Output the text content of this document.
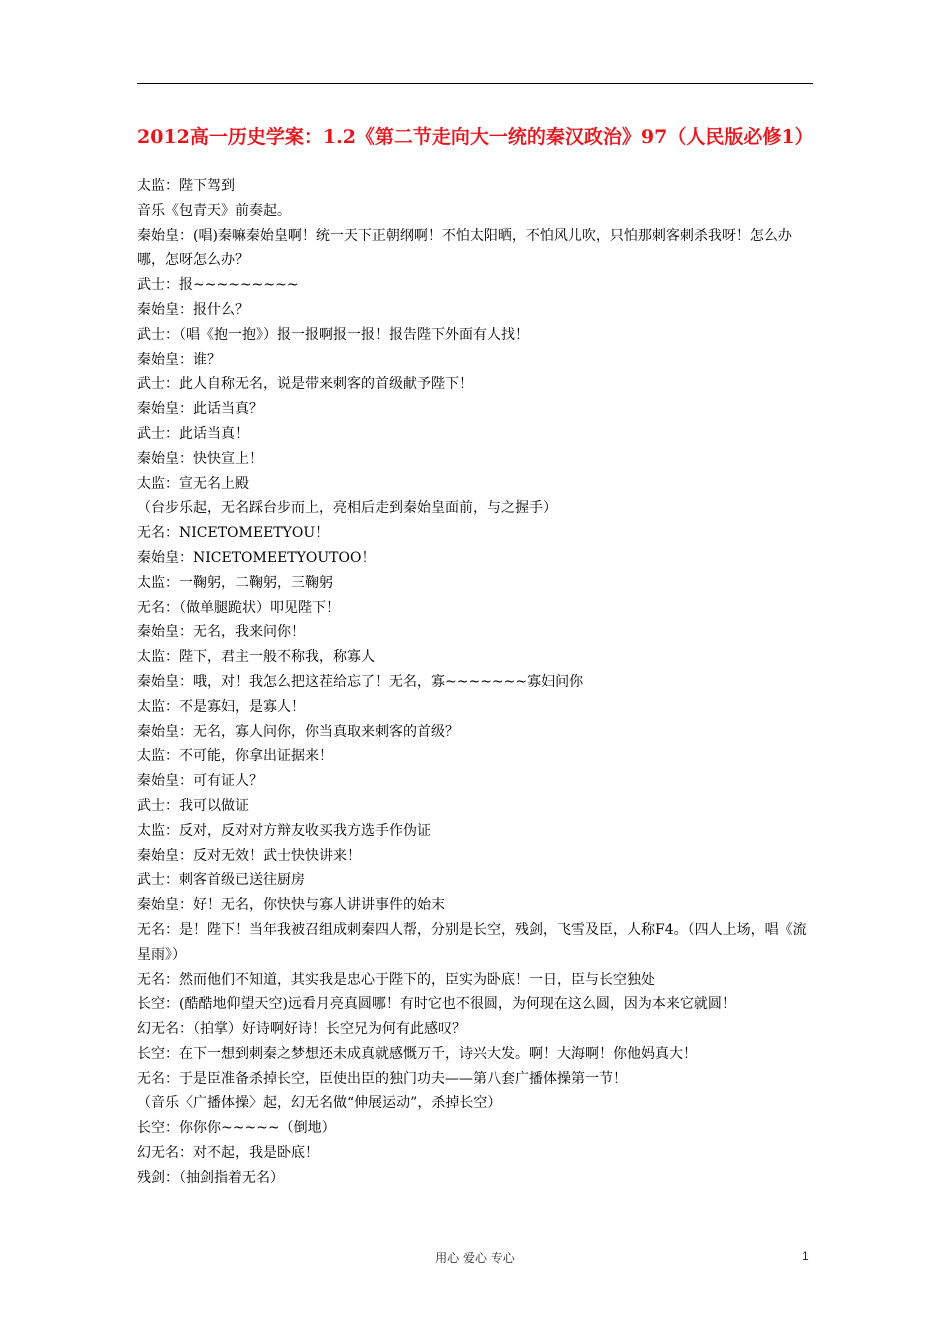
2012高一历史学案：1.2《第二节走向大一统的秦汉政治》97（人民版必修1）

太监：陛下驾到

音乐《包青天》前奏起。

秦始皇：(唱)秦嘛秦始皇啊！统一天下正朝纲啊！不怕太阳晒，不怕风儿吹，只怕那刺客刺杀我呀！怎么办哪，怎呀怎么办？

武士：报~~~~~~~~~

秦始皇：报什么？

武士：（唱《抱一抱》）报一报啊报一报！报告陛下外面有人找！

秦始皇：谁？

武士：此人自称无名，说是带来刺客的首级献予陛下！

秦始皇：此话当真？

武士：此话当真！

秦始皇：快快宣上！

太监：宣无名上殿

（台步乐起，无名踩台步而上，亮相后走到秦始皇面前，与之握手）

无名：NICETOMEETYOU！

秦始皇：NICETOMEETYOUTOO！

太监：一鞠躬，二鞠躬，三鞠躬

无名：（做单腿跪状）叩见陛下！

秦始皇：无名，我来问你！

太监：陛下，君主一般不称我，称寡人

秦始皇：哦，对！我怎么把这茬给忘了！无名，寡~~~~~~~寡妇问你

太监：不是寡妇，是寡人！

秦始皇：无名，寡人问你，你当真取来刺客的首级？

太监：不可能，你拿出证据来！

秦始皇：可有证人？

武士：我可以做证

太监：反对，反对对方辩友收买我方选手作伪证

秦始皇：反对无效！武士快快讲来！

武士：刺客首级已送往厨房

秦始皇：好！无名，你快快与寡人讲讲事件的始末

无名：是！陛下！当年我被召组成刺秦四人帮，分别是长空，残剑，飞雪及臣，人称F4。（四人上场，唱《流星雨》）

无名：然而他们不知道，其实我是忠心于陛下的，臣实为卧底！一日，臣与长空独处

长空：(酷酷地仰望天空)远看月亮真圆哪！有时它也不很圆，为何现在这么圆，因为本来它就圆！

幻无名：（拍掌）好诗啊好诗！长空兄为何有此感叹？

长空：在下一想到刺秦之梦想还未成真就感慨万千，诗兴大发。啊！大海啊！你他妈真大！

无名：于是臣准备杀掉长空，臣使出臣的独门功夫——第八套广播体操第一节！

（音乐〈广播体操〉起，幻无名做“伸展运动”，杀掉长空）

长空：你你你~~~~~（倒地）

幻无名：对不起，我是卧底！

残剑：（抽剑指着无名）

用心 爱心 专心	1
